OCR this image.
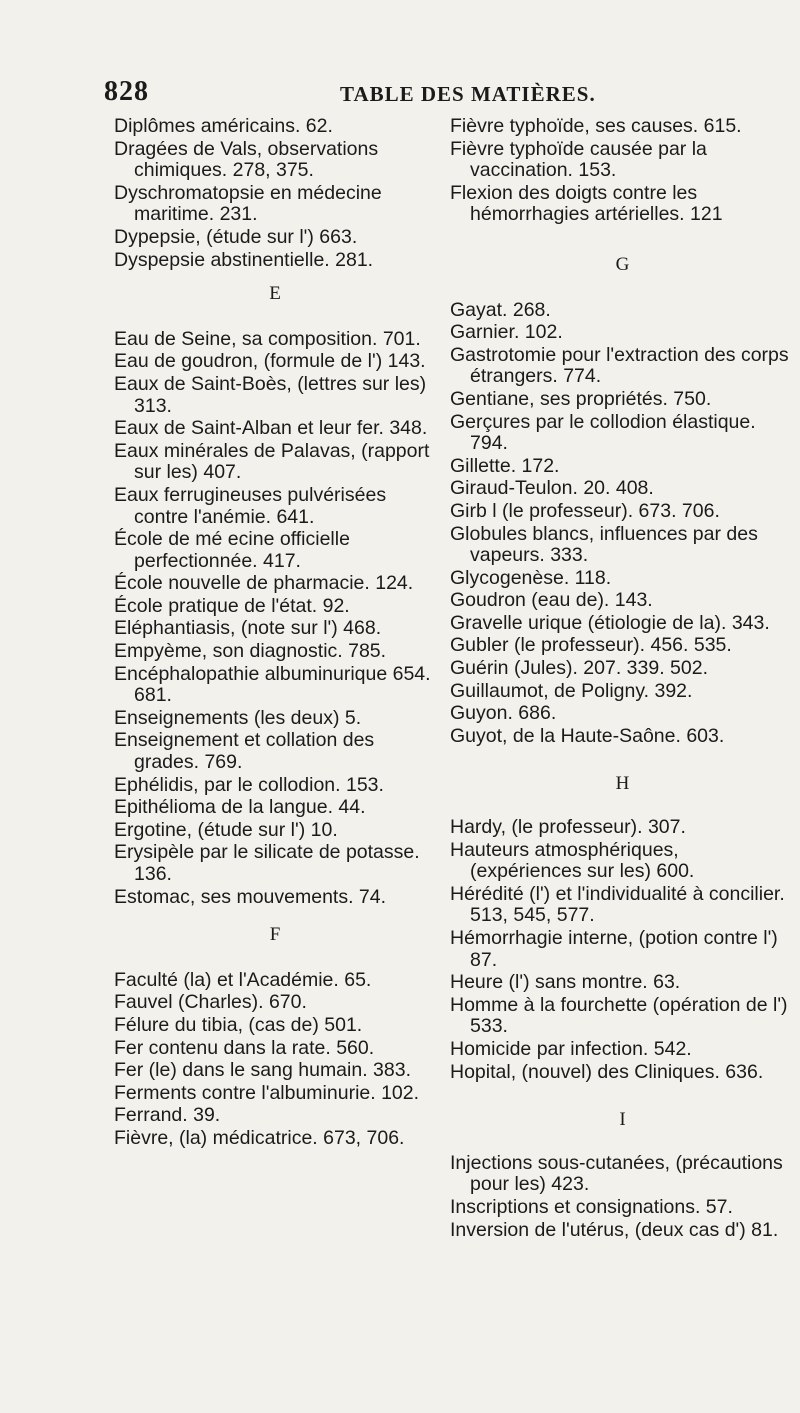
828	TABLE DES MATIÈRES.

Diplômes américains. 62.

Dragées de Vals, observations chimiques. 278, 375.

Dyschromatopsie en médecine maritime. 231.

Dypepsie, (étude sur l') 663.

Dyspepsie abstinentielle. 281.

E

Eau de Seine, sa composition. 701.

Eau de goudron, (formule de l') 143.

Eaux de Saint-Boès, (lettres sur les) 313.

Eaux de Saint-Alban et leur fer. 348.

Eaux minérales de Palavas, (rapport sur les) 407.

Eaux ferrugineuses pulvérisées contre l'anémie. 641.

École de mé ecine officielle perfectionnée. 417.

École nouvelle de pharmacie. 124.

École pratique de l'état. 92.

Eléphantiasis, (note sur l') 468.

Empyème, son diagnostic. 785.

Encéphalopathie albuminurique 654. 681.

Enseignements (les deux) 5.

Enseignement et collation des grades. 769.

Ephélidis, par le collodion. 153.

Epithélioma de la langue. 44.

Ergotine, (étude sur l') 10.

Erysipèle par le silicate de potasse. 136.

Estomac, ses mouvements. 74.

F

Faculté (la) et l'Académie. 65.

Fauvel (Charles). 670.

Félure du tibia, (cas de) 501.

Fer contenu dans la rate. 560.

Fer (le) dans le sang humain. 383.

Ferments contre l'albuminurie. 102.

Ferrand. 39.

Fièvre, (la) médicatrice. 673, 706.

Fièvre typhoïde, ses causes. 615.

Fièvre typhoïde causée par la vaccination. 153.

Flexion des doigts contre les hémorrhagies artérielles. 121

G

Gayat. 268.

Garnier. 102.

Gastrotomie pour l'extraction des corps étrangers. 774.

Gentiane, ses propriétés. 750.

Gerçures par le collodion élastique. 794.

Gillette. 172.

Giraud-Teulon. 20. 408.

Girb l (le professeur). 673. 706.

Globules blancs, influences par des vapeurs. 333.

Glycogenèse. 118.

Goudron (eau de). 143.

Gravelle urique (étiologie de la). 343.

Gubler (le professeur). 456. 535.

Guérin (Jules). 207. 339. 502.

Guillaumot, de Poligny. 392.

Guyon. 686.

Guyot, de la Haute-Saône. 603.

H

Hardy, (le professeur). 307.

Hauteurs atmosphériques, (expériences sur les) 600.

Hérédité (l') et l'individualité à concilier. 513, 545, 577.

Hémorrhagie interne, (potion contre l') 87.

Heure (l') sans montre. 63.

Homme à la fourchette (opération de l') 533.

Homicide par infection. 542.

Hopital, (nouvel) des Cliniques. 636.

I

Injections sous-cutanées, (précautions pour les) 423.

Inscriptions et consignations. 57.

Inversion de l'utérus, (deux cas d') 81.
